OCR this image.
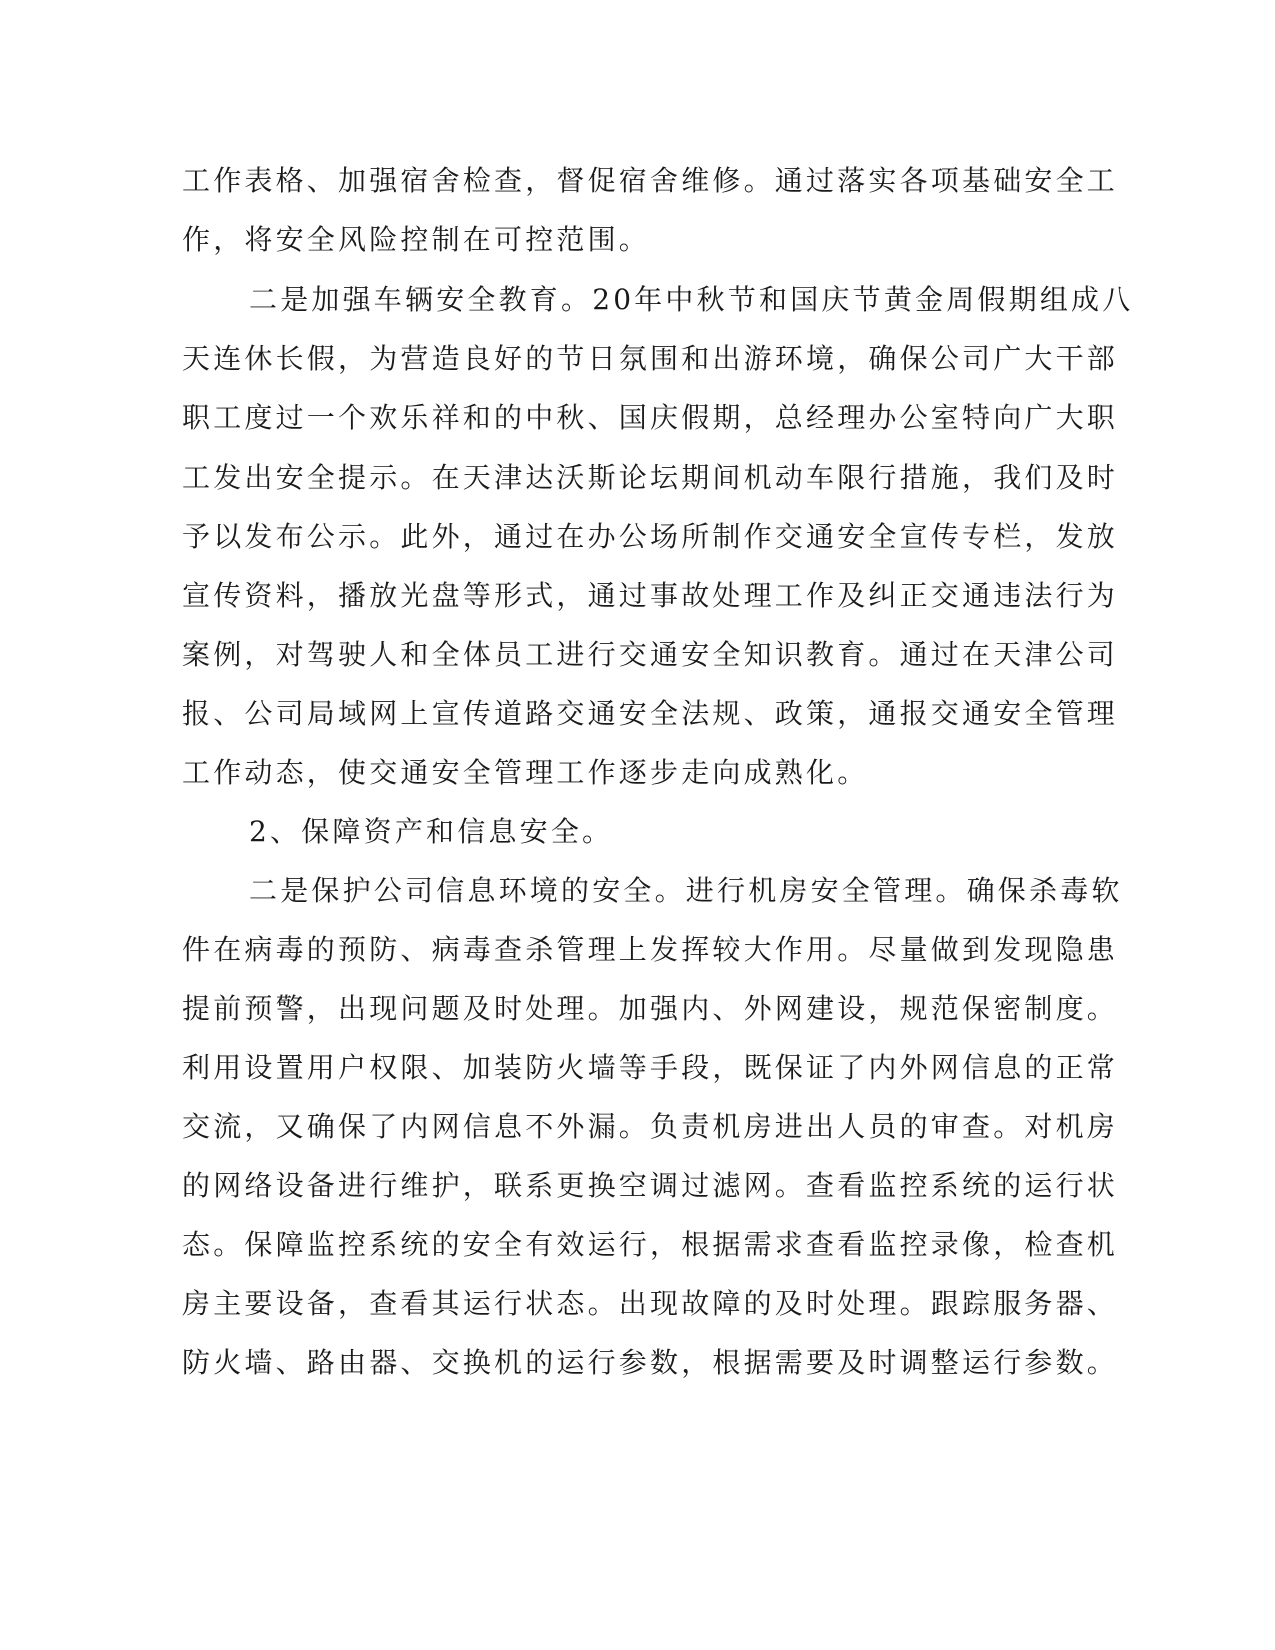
工作表格、加强宿舍检查，督促宿舍维修。通过落实各项基础安全工
作，将安全风险控制在可控范围。
二是加强车辆安全教育。20年中秋节和国庆节黄金周假期组成八
天连休长假，为营造良好的节日氛围和出游环境，确保公司广大干部
职工度过一个欢乐祥和的中秋、国庆假期，总经理办公室特向广大职
工发出安全提示。在天津达沃斯论坛期间机动车限行措施，我们及时
予以发布公示。此外，通过在办公场所制作交通安全宣传专栏，发放
宣传资料，播放光盘等形式，通过事故处理工作及纠正交通违法行为
案例，对驾驶人和全体员工进行交通安全知识教育。通过在天津公司
报、公司局域网上宣传道路交通安全法规、政策，通报交通安全管理
工作动态，使交通安全管理工作逐步走向成熟化。
2、保障资产和信息安全。
二是保护公司信息环境的安全。进行机房安全管理。确保杀毒软
件在病毒的预防、病毒查杀管理上发挥较大作用。尽量做到发现隐患
提前预警，出现问题及时处理。加强内、外网建设，规范保密制度。
利用设置用户权限、加装防火墙等手段，既保证了内外网信息的正常
交流，又确保了内网信息不外漏。负责机房进出人员的审查。对机房
的网络设备进行维护，联系更换空调过滤网。查看监控系统的运行状
态。保障监控系统的安全有效运行，根据需求查看监控录像，检查机
房主要设备，查看其运行状态。出现故障的及时处理。跟踪服务器、
防火墙、路由器、交换机的运行参数，根据需要及时调整运行参数。
